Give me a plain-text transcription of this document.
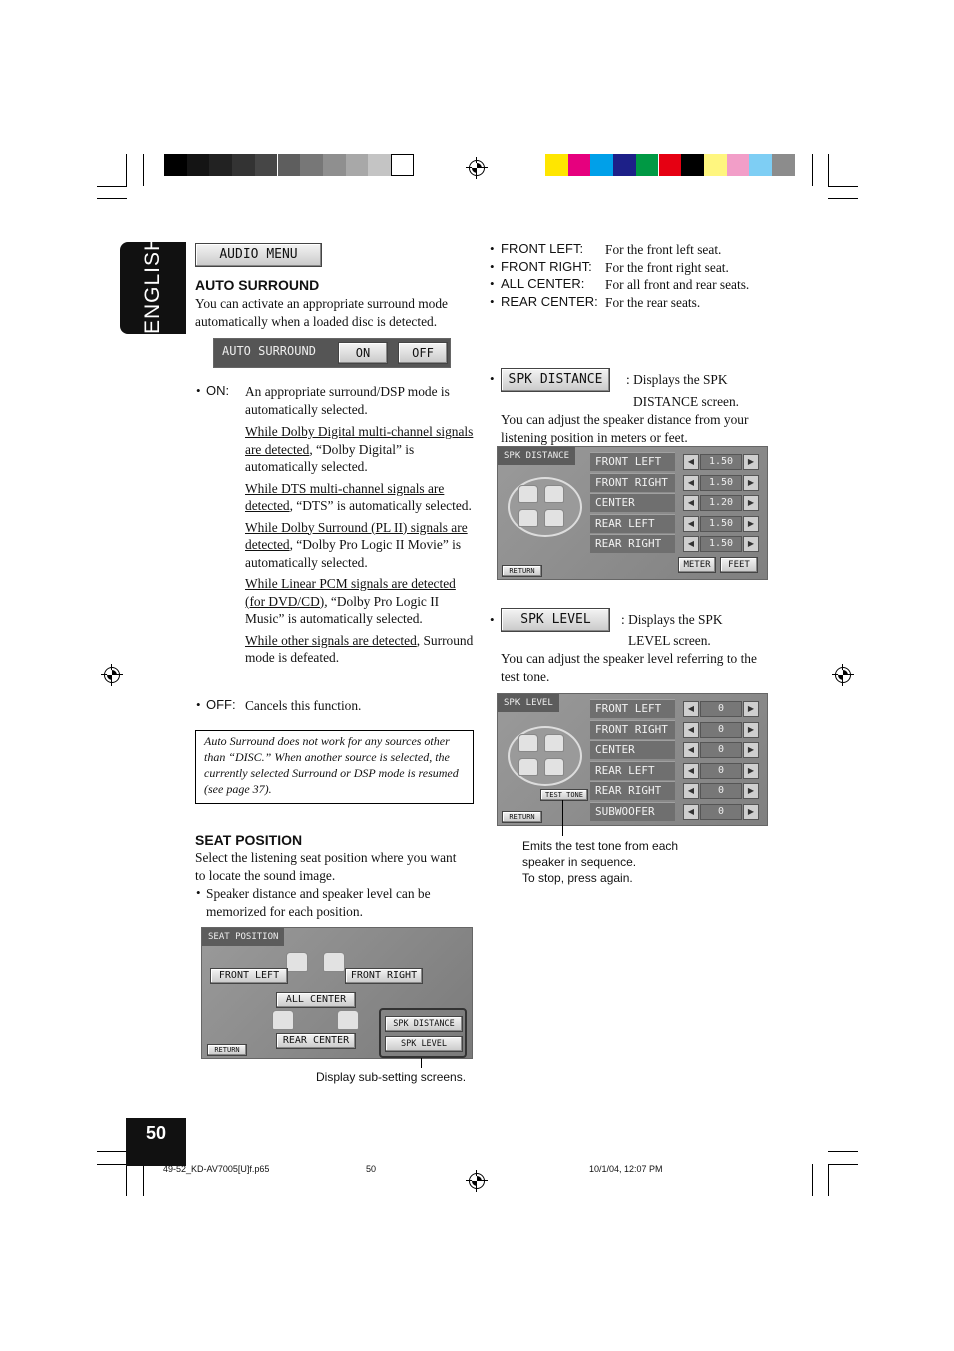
ENGLISH
50
AUDIO MENU
AUTO SURROUND
You can activate an appropriate surround mode automatically when a loaded disc is detected.
AUTO SURROUND	ON	OFF
• ON: An appropriate surround/DSP mode is automatically selected.
While Dolby Digital multi-channel signals are detected, “Dolby Digital” is automatically selected.
While DTS multi-channel signals are detected, “DTS” is automatically selected.
While Dolby Surround (PL II) signals are detected, “Dolby Pro Logic II Movie” is automatically selected.
While Linear PCM signals are detected (for DVD/CD), “Dolby Pro Logic II Music” is automatically selected.
While other signals are detected, Surround mode is defeated.
• OFF: Cancels this function.
Auto Surround does not work for any sources other than “DISC.” When another source is selected, the currently selected Surround or DSP mode is resumed (see page 37).
SEAT POSITION
Select the listening seat position where you want to locate the sound image.
• Speaker distance and speaker level can be memorized for each position.
SEAT POSITION
FRONT LEFT	FRONT RIGHT
ALL CENTER
REAR CENTER
SPK DISTANCE
SPK LEVEL
RETURN
Display sub-setting screens.
• FRONT LEFT: For the front left seat.
• FRONT RIGHT: For the front right seat.
• ALL CENTER: For all front and rear seats.
• REAR CENTER: For the rear seats.
•	SPK DISTANCE	: Displays the SPK
DISTANCE screen.
You can adjust the speaker distance from your listening position in meters or feet.
SPK DISTANCE
METER	FEET
RETURN
FRONT LEFT	◀	1.50	▶
FRONT RIGHT	◀	1.50	▶
CENTER	◀	1.20	▶
REAR LEFT	◀	1.50	▶
REAR RIGHT	◀	1.50	▶
•	SPK LEVEL	: Displays the SPK
LEVEL screen.
You can adjust the speaker level referring to the test tone.
SPK LEVEL
TEST TONE
RETURN
FRONT LEFT	◀	0	▶
FRONT RIGHT	◀	0	▶
CENTER	◀	0	▶
REAR LEFT	◀	0	▶
REAR RIGHT	◀	0	▶
SUBWOOFER	◀	0	▶
Emits the test tone from each
speaker in sequence.
To stop, press again.
49-52_KD-AV7005[U]f.p65	50	10/1/04, 12:07 PM
